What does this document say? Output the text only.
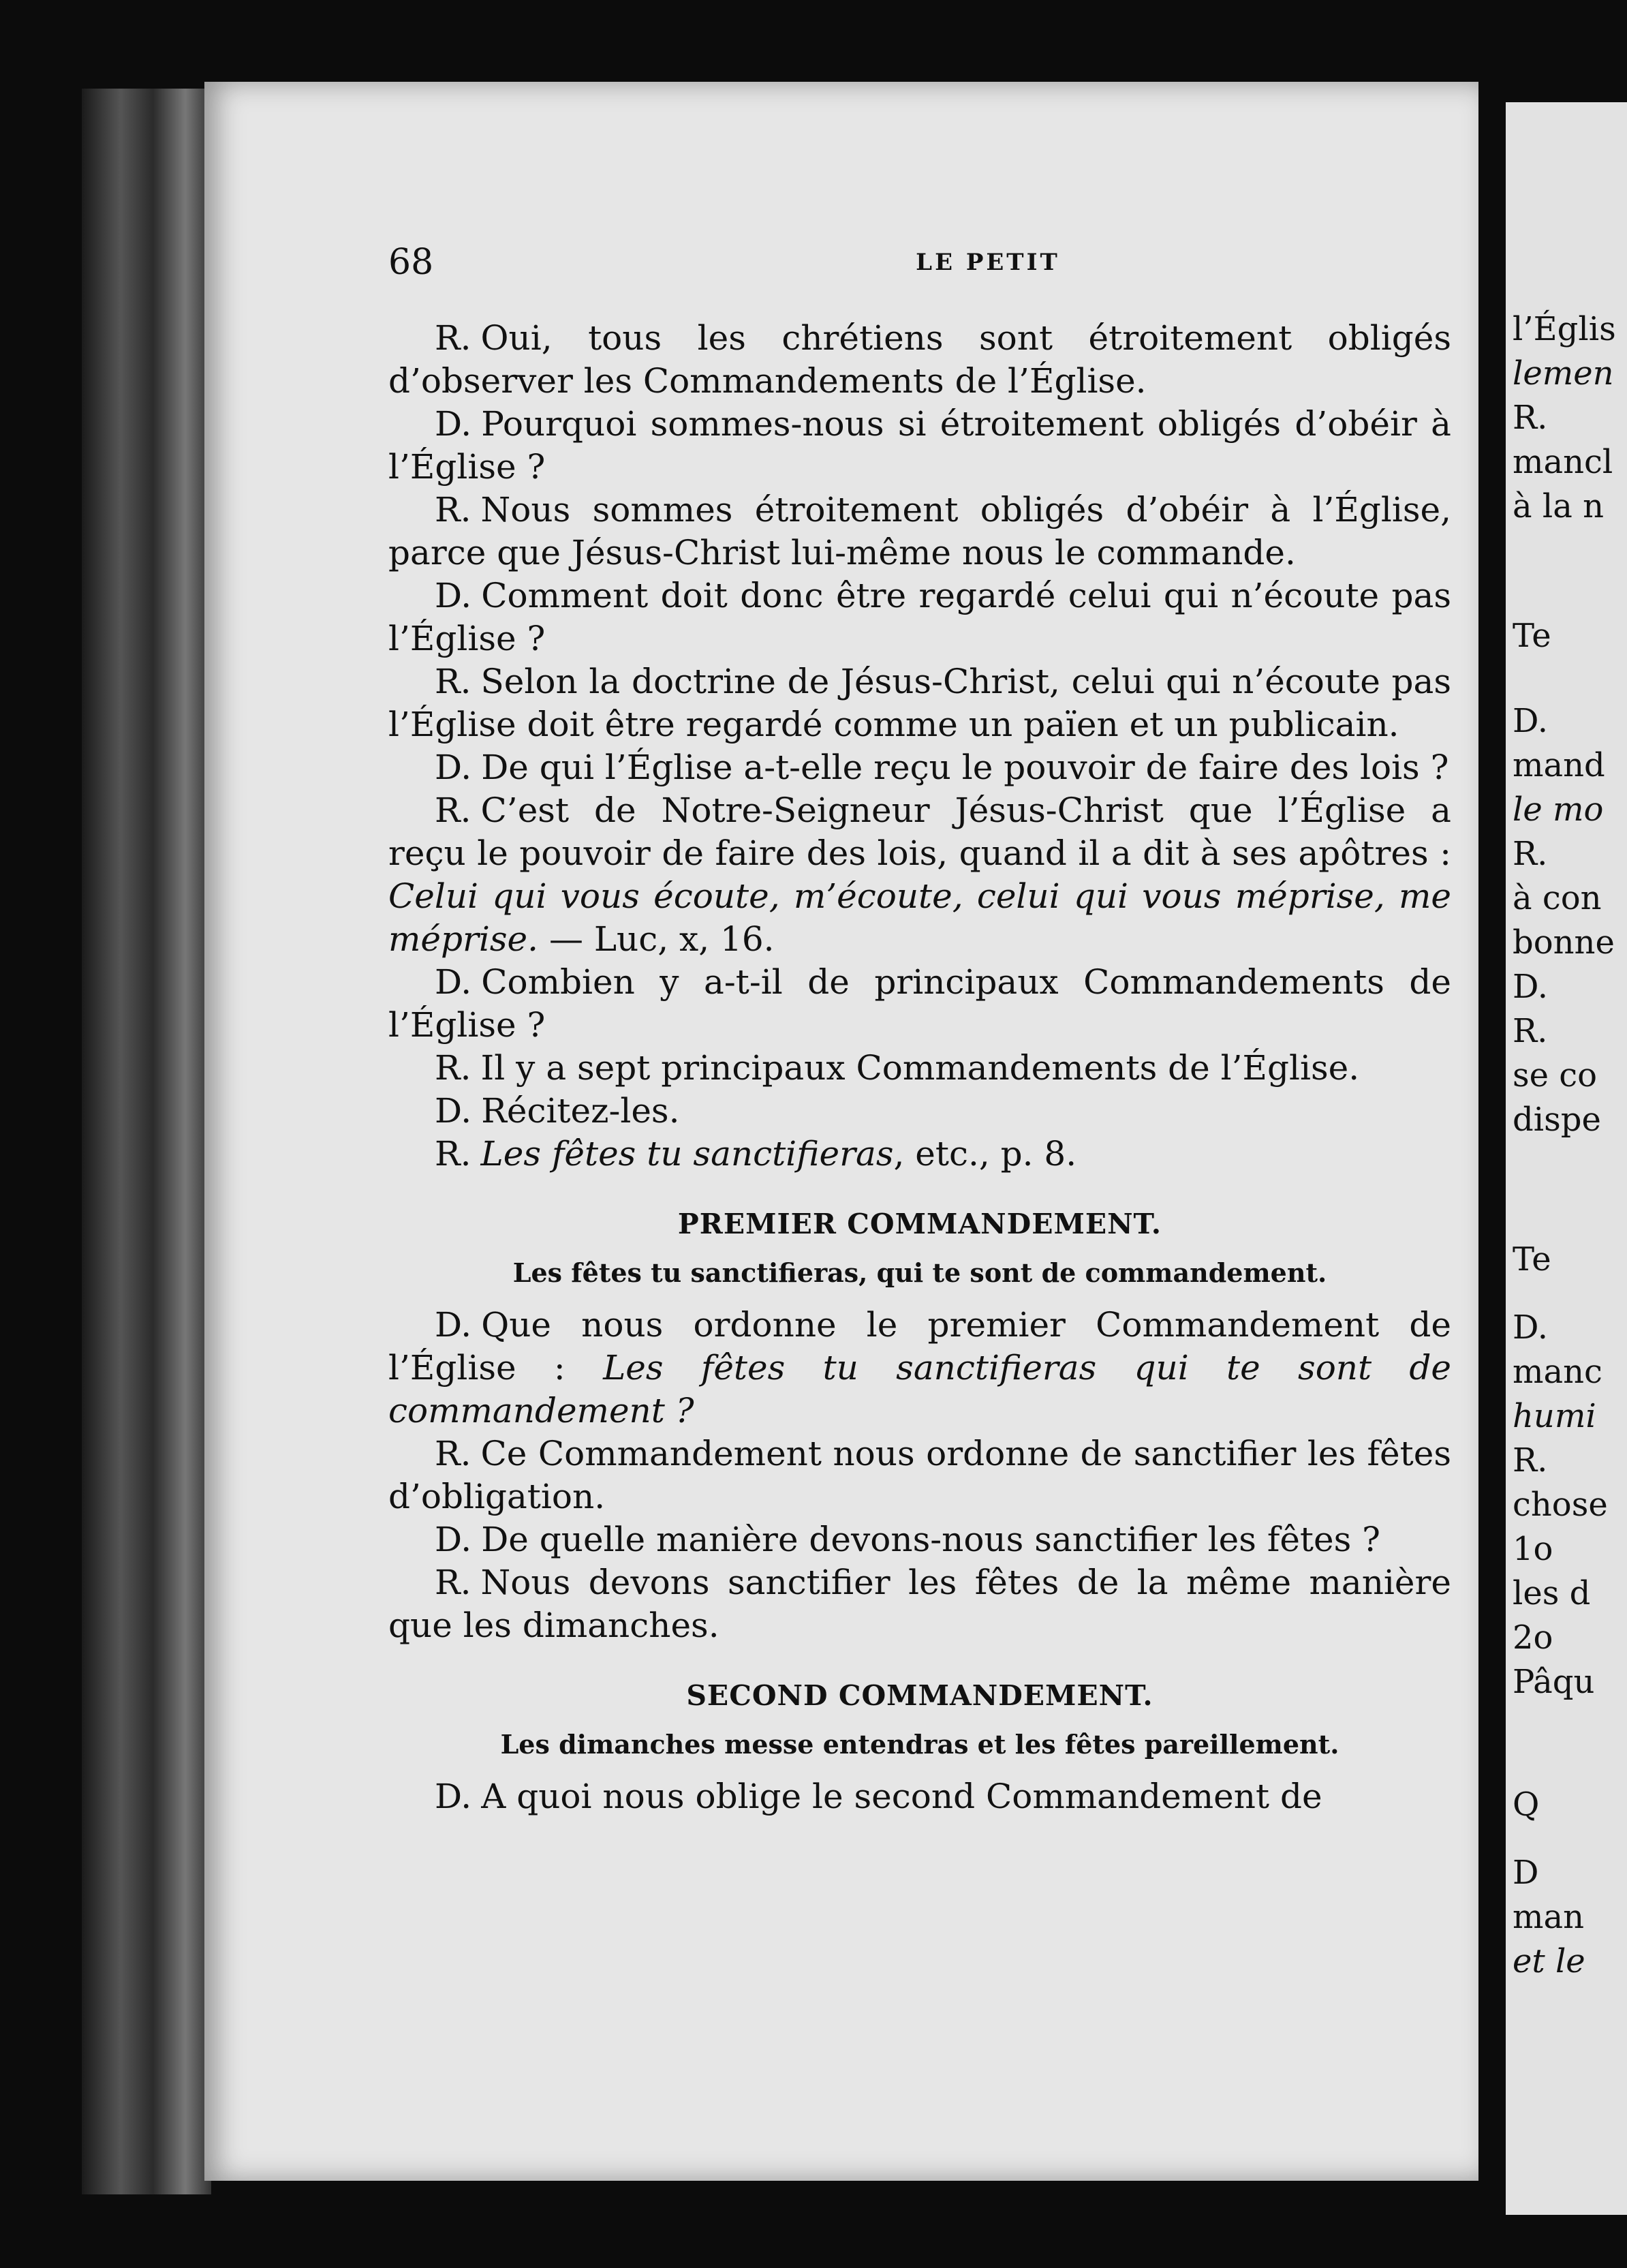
l’Églis
lemen
R.
mancl
à la n
Te
D.
mand
le mo
R.
à con
bonne
D.
R.
se co
dispe
Te
D.
manc
humi
R.
chose
1o
les d
2o
Pâqu
Q
D
man
et le
68	LE PETIT

R. Oui, tous les chrétiens sont étroitement obligés d’observer les Commandements de l’Église.

D. Pourquoi sommes-nous si étroitement obligés d’obéir à l’Église ?

R. Nous sommes étroitement obligés d’obéir à l’Église, parce que Jésus-Christ lui-même nous le commande.

D. Comment doit donc être regardé celui qui n’écoute pas l’Église ?

R. Selon la doctrine de Jésus-Christ, celui qui n’écoute pas l’Église doit être regardé comme un païen et un publicain.

D. De qui l’Église a-t-elle reçu le pouvoir de faire des lois ?

R. C’est de Notre-Seigneur Jésus-Christ que l’Église a reçu le pouvoir de faire des lois, quand il a dit à ses apôtres : Celui qui vous écoute, m’écoute, celui qui vous méprise, me méprise. — Luc, x, 16.

D. Combien y a-t-il de principaux Commandements de l’Église ?

R. Il y a sept principaux Commandements de l’Église.

D. Récitez-les.

R. Les fêtes tu sanctifieras, etc., p. 8.

PREMIER COMMANDEMENT.
Les fêtes tu sanctifieras, qui te sont de commandement.

D. Que nous ordonne le premier Commandement de l’Église : Les fêtes tu sanctifieras qui te sont de commandement ?

R. Ce Commandement nous ordonne de sanctifier les fêtes d’obligation.

D. De quelle manière devons-nous sanctifier les fêtes ?

R. Nous devons sanctifier les fêtes de la même manière que les dimanches.

SECOND COMMANDEMENT.
Les dimanches messe entendras et les fêtes pareillement.

D. A quoi nous oblige le second Commandement de
